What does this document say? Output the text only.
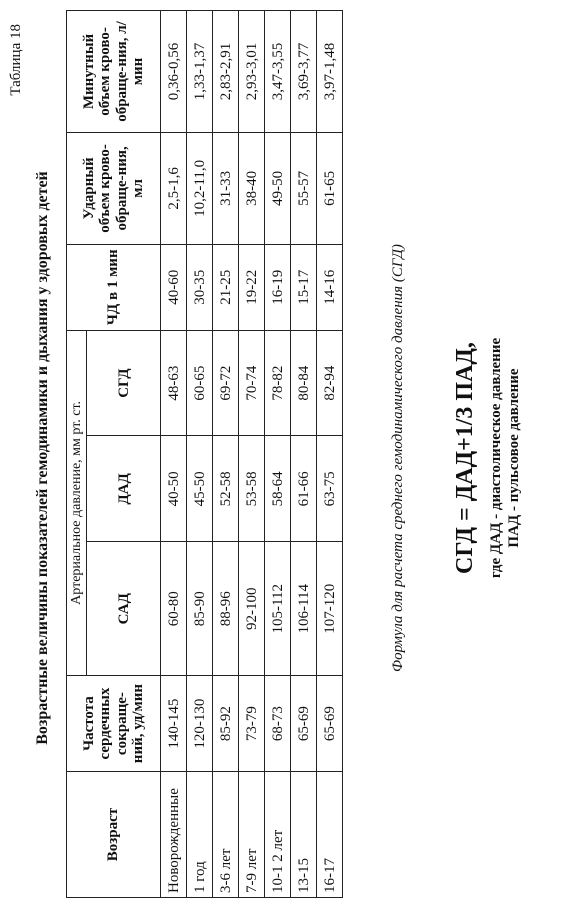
Таблица 18
Возрастные величины показателей гемодинамики и дыхания у здоровых детей
Возраст	Частота сердечных сокраще-ний, уд/мин	Артериальное давление, мм рт. ст.			ЧД в 1 мин	Ударный объем крово-обраще-ния, мл	Минутный объем крово-обраще-ния, л/мин
		САД	ДАД	СГД			
Новорожденные	140-145	60-80	40-50	48-63	40-60	2,5-1,6	0,36-0,56
1 год	120-130	85-90	45-50	60-65	30-35	10,2-11,0	1,33-1,37
3-6 лет	85-92	88-96	52-58	69-72	21-25	31-33	2,83-2,91
7-9 лет	73-79	92-100	53-58	70-74	19-22	38-40	2,93-3,01
10-1 2 лет	68-73	105-112	58-64	78-82	16-19	49-50	3,47-3,55
13-15	65-69	106-114	61-66	80-84	15-17	55-57	3,69-3,77
16-17	65-69	107-120	63-75	82-94	14-16	61-65	3,97-1,48
Формула для расчета среднего гемодинамического давления (СГД) СГД = ДАД+1/3 ПАД, где ДАД - диастолическое давление ПАД - пульсовое давление
